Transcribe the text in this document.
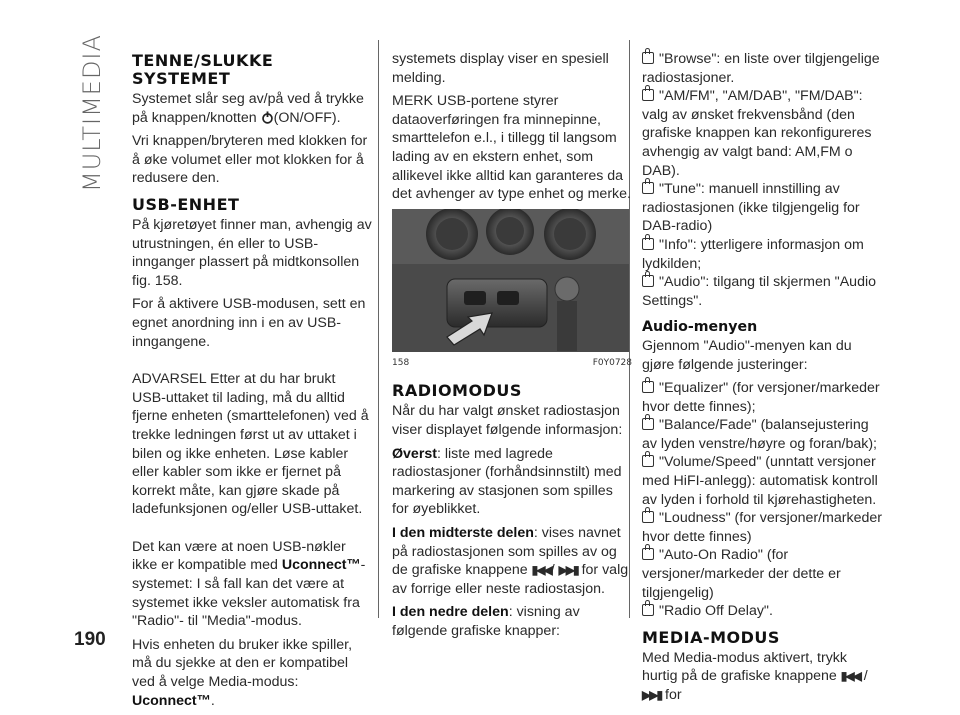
MULTIMEDIA TENNE/SLUKKE SYSTEMET

Systemet slår seg av/på ved å trykke på knappen/knotten (ON/OFF).

Vri knappen/bryteren med klokken for å øke volumet eller mot klokken for å redusere den.

USB-ENHET

På kjøretøyet finner man, avhengig av utrustningen, én eller to USB-innganger plassert på midtkonsollen fig. 158.

For å aktivere USB-modusen, sett en egnet anordning inn i en av USB-inngangene.

ADVARSEL Etter at du har brukt USB-uttaket til lading, må du alltid fjerne enheten (smarttelefonen) ved å trekke ledningen først ut av uttaket i bilen og ikke enheten. Løse kabler eller kabler som ikke er fjernet på korrekt måte, kan gjøre skade på ladefunksjonen og/eller USB-uttaket.

Det kan være at noen USB-nøkler ikke er kompatible med Uconnect™-systemet: I så fall kan det være at systemet ikke veksler automatisk fra "Radio"- til "Media"-modus.

Hvis enheten du bruker ikke spiller, må du sjekke at den er kompatibel ved å velge Media-modus: Uconnect™.

systemets display viser en spesiell melding.

MERK USB-portene styrer dataoverføringen fra minnepinne, smarttelefon e.l., i tillegg til langsom lading av en ekstern enhet, som allikevel ikke alltid kan garanteres da det avhenger av type enhet og merke.

158	F0Y0728
RADIOMODUS

Når du har valgt ønsket radiostasjon viser displayet følgende informasjon:

Øverst: liste med lagrede radiostasjoner (forhåndsinnstilt) med markering av stasjonen som spilles for øyeblikket.

I den midterste delen: vises navnet på radiostasjonen som spilles av og de grafiske knappene ▮◀◀/ ▶▶▮ for valg av forrige eller neste radiostasjon.

I den nedre delen: visning av følgende grafiske knapper:

"Browse": en liste over tilgjengelige radiostasjoner.
"AM/FM", "AM/DAB", "FM/DAB": valg av ønsket frekvensbånd (den grafiske knappen kan rekonfigureres avhengig av valgt band: AM,FM o DAB).
"Tune": manuell innstilling av radiostasjonen (ikke tilgjengelig for DAB-radio)
"Info": ytterligere informasjon om lydkilden;
"Audio": tilgang til skjermen "Audio Settings".
Audio-menyen

Gjennom "Audio"-menyen kan du gjøre følgende justeringer:

"Equalizer" (for versjoner/markeder hvor dette finnes);
"Balance/Fade" (balansejustering av lyden venstre/høyre og foran/bak);
"Volume/Speed" (unntatt versjoner med HiFI-anlegg): automatisk kontroll av lyden i forhold til kjørehastigheten.
"Loudness" (for versjoner/markeder hvor dette finnes)
"Auto-On Radio" (for versjoner/markeder der dette er tilgjengelig)
"Radio Off Delay".
MEDIA-MODUS

Med Media-modus aktivert, trykk hurtig på de grafiske knappene ▮◀◀ / ▶▶▮ for

190
